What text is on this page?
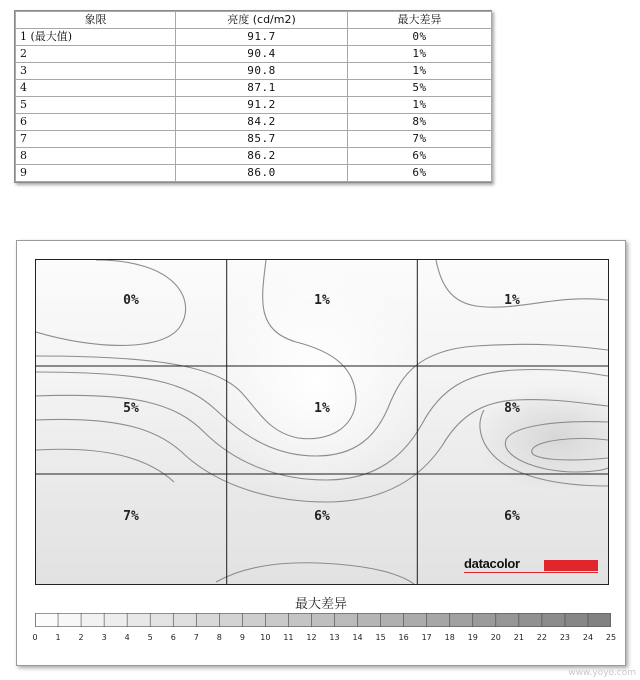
象限	亮度 (cd/m2)	最大差异
1 (最大值)	91.7	0%
2	90.4	1%
3	90.8	1%
4	87.1	5%
5	91.2	1%
6	84.2	8%
7	85.7	7%
8	86.2	6%
9	86.0	6%
0%	1%	1%
5%	1%	8%
7%	6%	6%
datacolor
最大差异
0	1	2	3	4	5	6	7	8	9	10	11	12	13	14	15	16	17	18	19	20	21	22	23	24	25
www.yoyo.com
